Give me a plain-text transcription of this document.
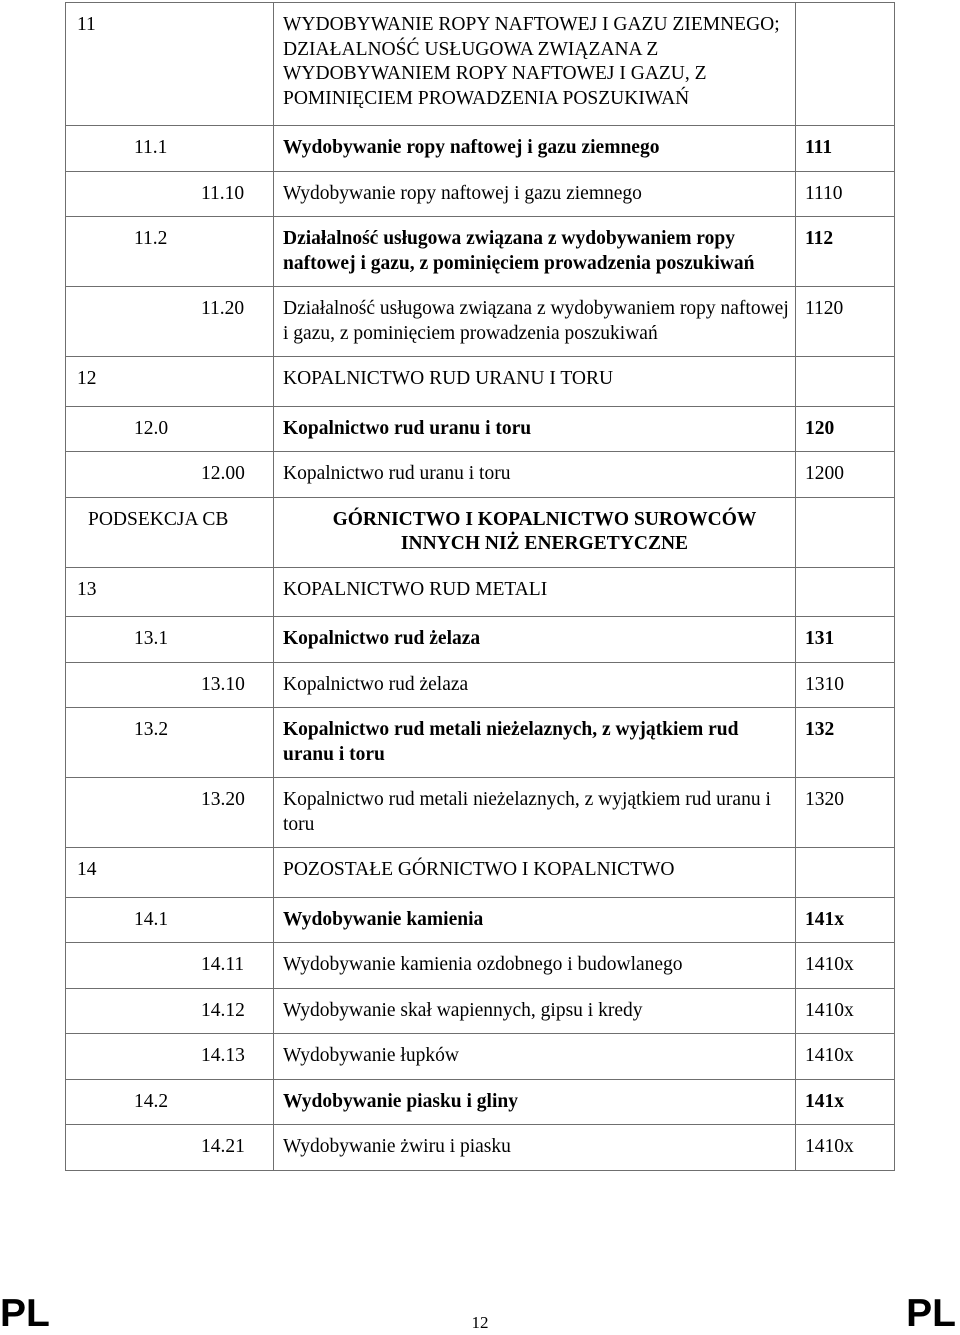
11	WYDOBYWANIE ROPY NAFTOWEJ I GAZU ZIEMNEGO; DZIAŁALNOŚĆ USŁUGOWA ZWIĄZANA Z WYDOBYWANIEM ROPY NAFTOWEJ I GAZU, Z POMINIĘCIEM PROWADZENIA POSZUKIWAŃ	
11.1	Wydobywanie ropy naftowej i gazu ziemnego	111
11.10	Wydobywanie ropy naftowej i gazu ziemnego	1110
11.2	Działalność usługowa związana z wydobywaniem ropy naftowej i gazu, z pominięciem prowadzenia poszukiwań	112
11.20	Działalność usługowa związana z wydobywaniem ropy naftowej i gazu, z pominięciem prowadzenia poszukiwań	1120
12	KOPALNICTWO RUD URANU I TORU	
12.0	Kopalnictwo rud uranu i toru	120
12.00	Kopalnictwo rud uranu i toru	1200
PODSEKCJA CB	GÓRNICTWO I KOPALNICTWO SUROWCÓW INNYCH NIŻ ENERGETYCZNE	
13	KOPALNICTWO RUD METALI	
13.1	Kopalnictwo rud żelaza	131
13.10	Kopalnictwo rud żelaza	1310
13.2	Kopalnictwo rud metali nieżelaznych, z wyjątkiem rud uranu i toru	132
13.20	Kopalnictwo rud metali nieżelaznych, z wyjątkiem rud uranu i toru	1320
14	POZOSTAŁE GÓRNICTWO I KOPALNICTWO	
14.1	Wydobywanie kamienia	141x
14.11	Wydobywanie kamienia ozdobnego i budowlanego	1410x
14.12	Wydobywanie skał wapiennych, gipsu i kredy	1410x
14.13	Wydobywanie łupków	1410x
14.2	Wydobywanie piasku i gliny	141x
14.21	Wydobywanie żwiru i piasku	1410x
PL	12	PL
